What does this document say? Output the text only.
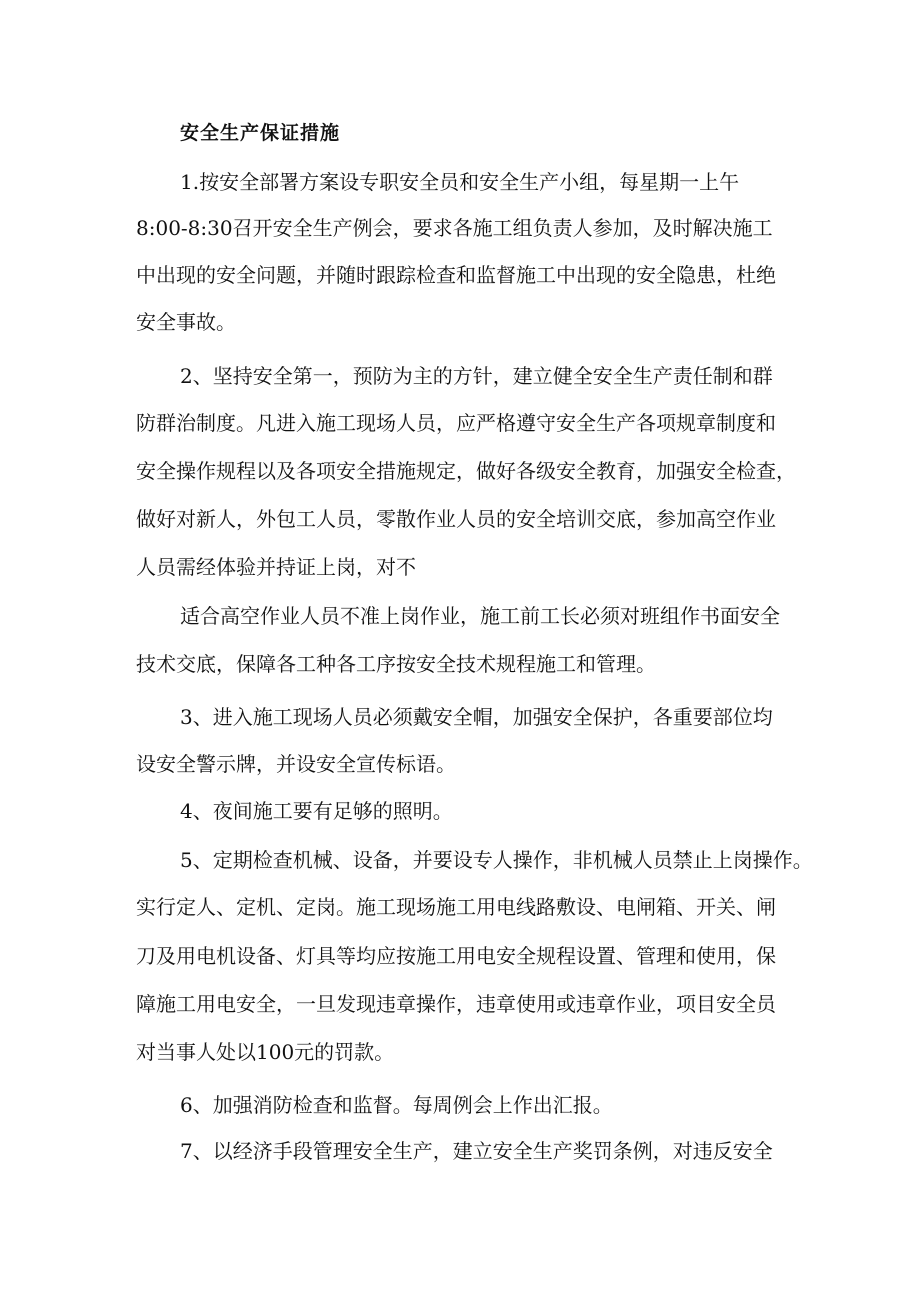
安全生产保证措施
1.按安全部署方案设专职安全员和安全生产小组，每星期一上午
8:00-8:30召开安全生产例会，要求各施工组负责人参加，及时解决施工
中出现的安全问题，并随时跟踪检查和监督施工中出现的安全隐患，杜绝
安全事故。
2、坚持安全第一，预防为主的方针，建立健全安全生产责任制和群
防群治制度。凡进入施工现场人员，应严格遵守安全生产各项规章制度和
安全操作规程以及各项安全措施规定，做好各级安全教育，加强安全检查，
做好对新人，外包工人员，零散作业人员的安全培训交底，参加高空作业
人员需经体验并持证上岗，对不
适合高空作业人员不准上岗作业，施工前工长必须对班组作书面安全
技术交底，保障各工种各工序按安全技术规程施工和管理。
3、进入施工现场人员必须戴安全帽，加强安全保护，各重要部位均
设安全警示牌，并设安全宣传标语。
4、夜间施工要有足够的照明。
5、定期检查机械、设备，并要设专人操作，非机械人员禁止上岗操作。
实行定人、定机、定岗。施工现场施工用电线路敷设、电闸箱、开关、闸
刀及用电机设备、灯具等均应按施工用电安全规程设置、管理和使用，保
障施工用电安全，一旦发现违章操作，违章使用或违章作业，项目安全员
对当事人处以100元的罚款。
6、加强消防检查和监督。每周例会上作出汇报。
7、以经济手段管理安全生产，建立安全生产奖罚条例，对违反安全
